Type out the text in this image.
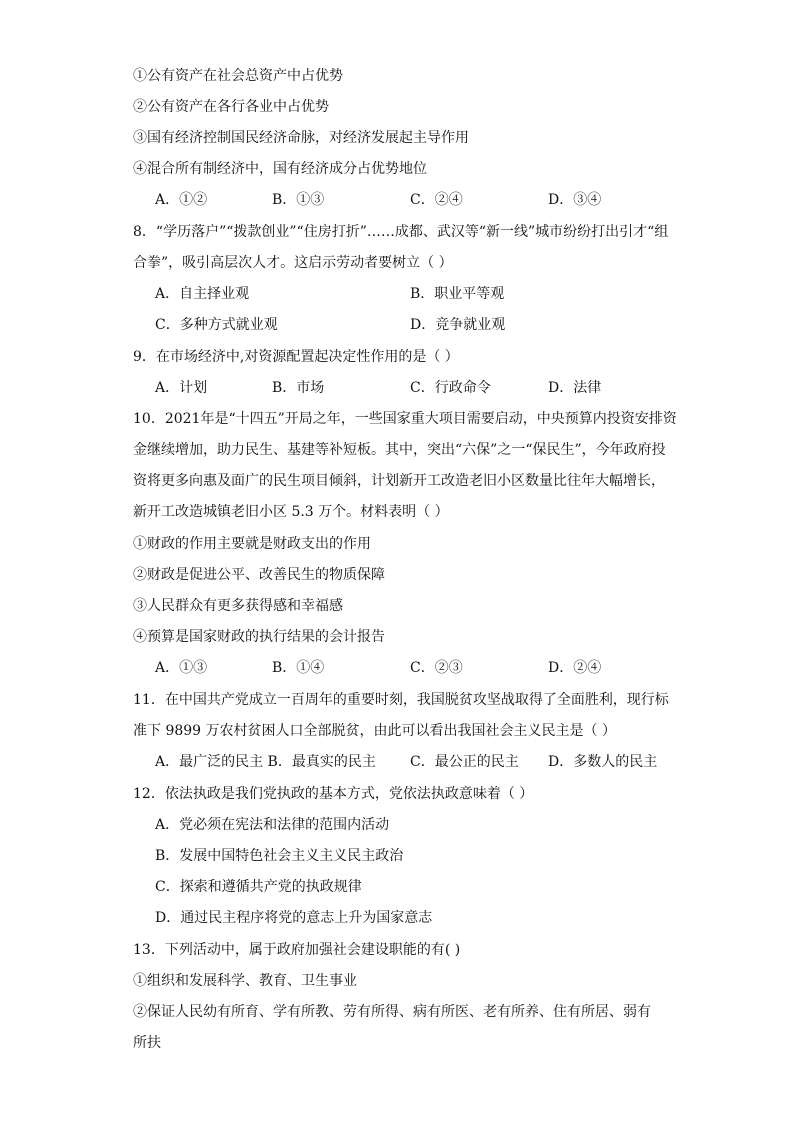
①公有资产在社会总资产中占优势
②公有资产在各行各业中占优势
③国有经济控制国民经济命脉，对经济发展起主导作用
④混合所有制经济中，国有经济成分占优势地位
A．①②	B．①③	C．②④	D．③④
8．“学历落户”“拨款创业”“住房打折”……成都、武汉等“新一线”城市纷纷打出引才“组
合拳”，吸引高层次人才。这启示劳动者要树立（ ）
A．自主择业观	B．职业平等观
C．多种方式就业观	D．竞争就业观
9．在市场经济中,对资源配置起决定性作用的是（ ）
A．计划	B．市场	C．行政命令	D．法律
10．2021年是“十四五”开局之年，一些国家重大项目需要启动，中央预算内投资安排资
金继续增加，助力民生、基建等补短板。其中，突出“六保”之一“保民生”，今年政府投
资将更多向惠及面广的民生项目倾斜，计划新开工改造老旧小区数量比往年大幅增长，
新开工改造城镇老旧小区 5.3 万个。材料表明（ ）
①财政的作用主要就是财政支出的作用
②财政是促进公平、改善民生的物质保障
③人民群众有更多获得感和幸福感
④预算是国家财政的执行结果的会计报告
A．①③	B．①④	C．②③	D．②④
11．在中国共产党成立一百周年的重要时刻，我国脱贫攻坚战取得了全面胜利，现行标
准下 9899 万农村贫困人口全部脱贫，由此可以看出我国社会主义民主是（ ）
A．最广泛的民主 B．最真实的民主 C．最公正的民主 D．多数人的民主
12．依法执政是我们党执政的基本方式，党依法执政意味着（ ）
A．党必须在宪法和法律的范围内活动
B．发展中国特色社会主义主义民主政治
C．探索和遵循共产党的执政规律
D．通过民主程序将党的意志上升为国家意志
13．下列活动中，属于政府加强社会建设职能的有( )
①组织和发展科学、教育、卫生事业
②保证人民幼有所育、学有所教、劳有所得、病有所医、老有所养、住有所居、弱有
所扶
